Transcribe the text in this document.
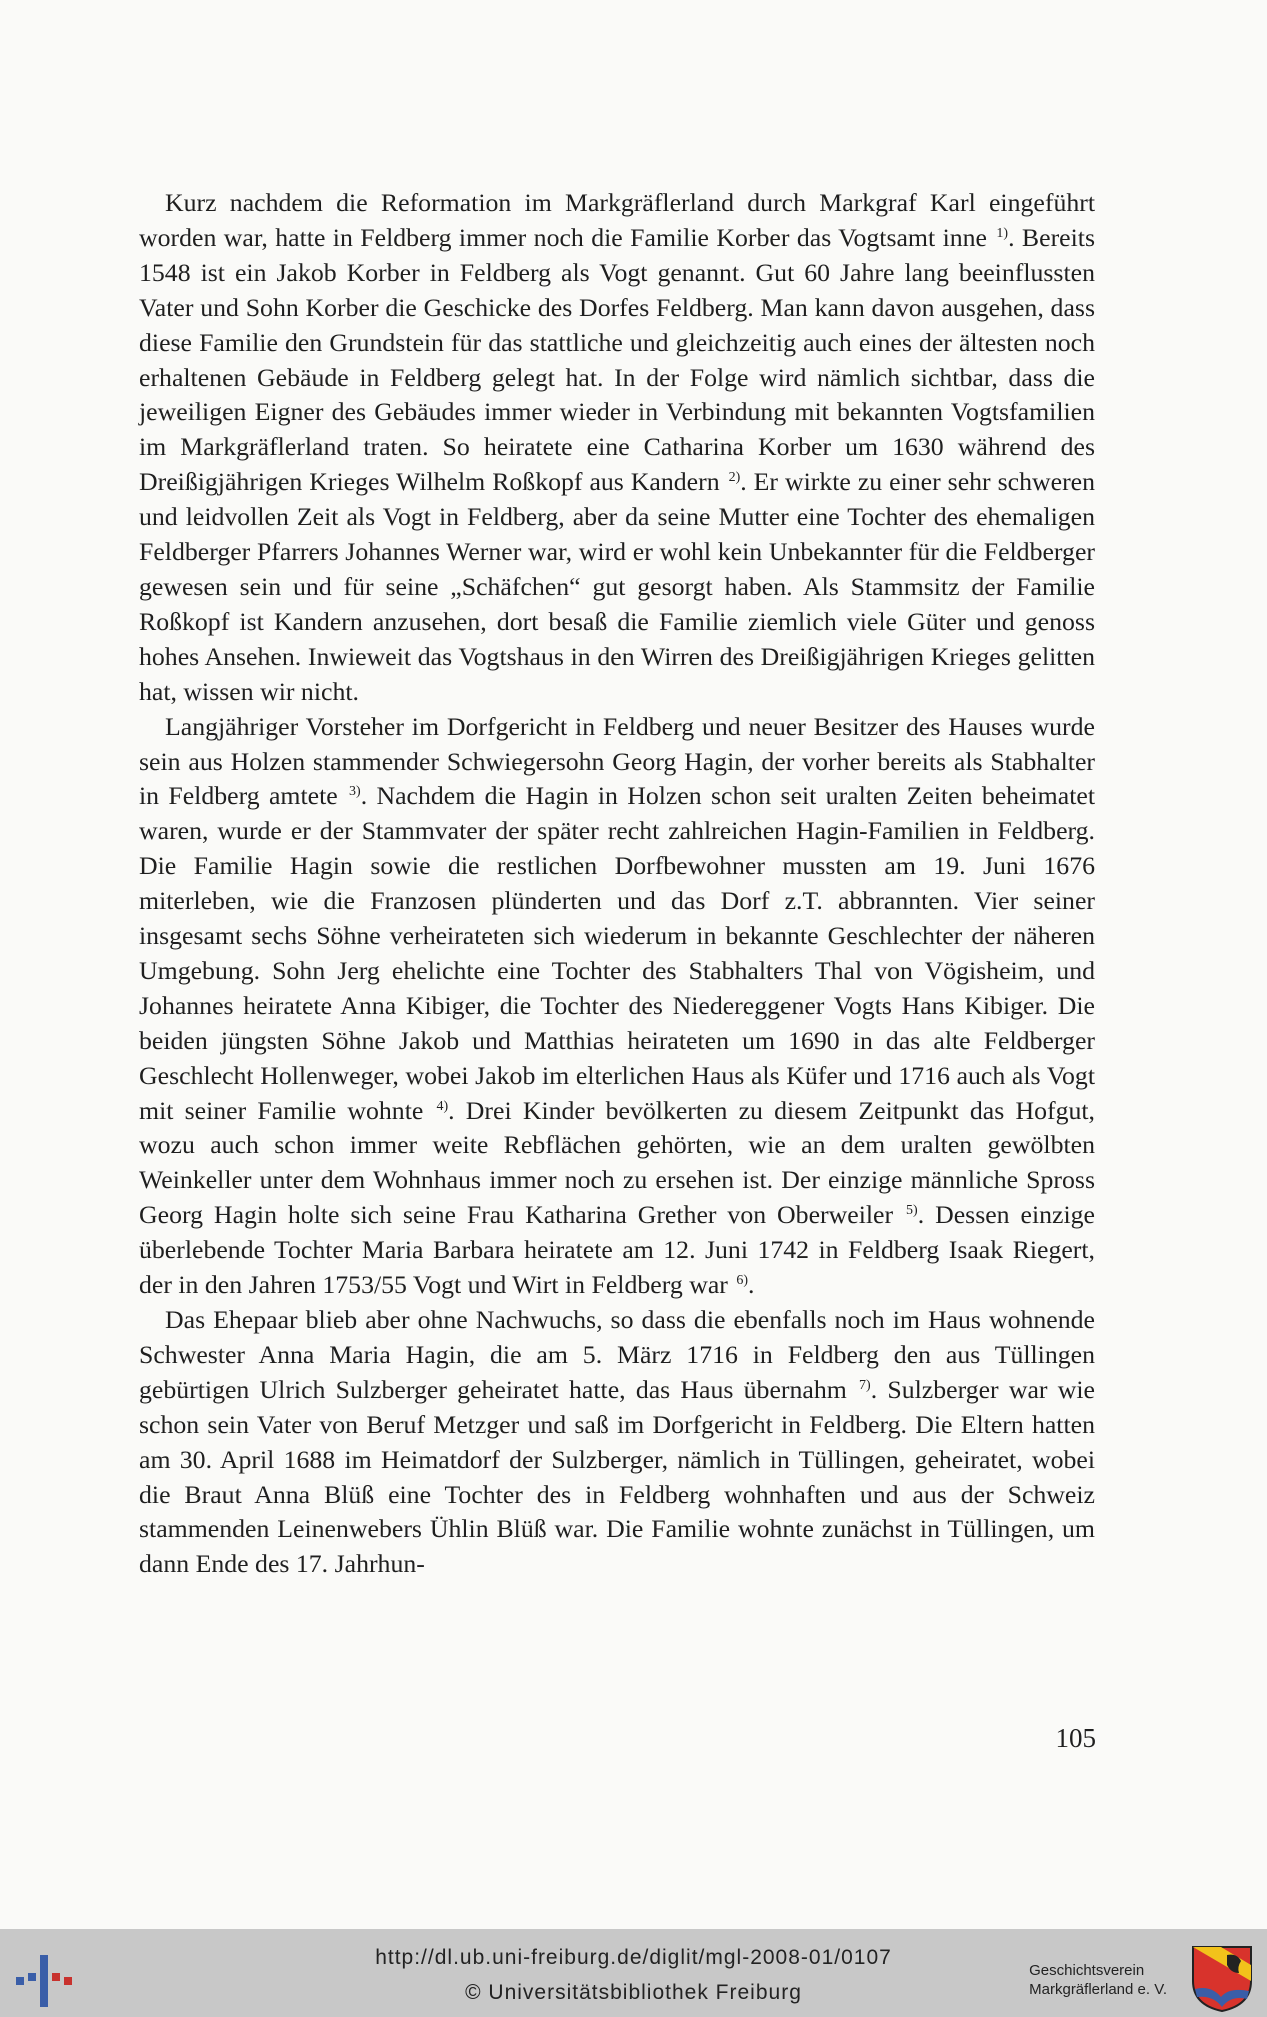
Kurz nachdem die Reformation im Markgräflerland durch Markgraf Karl eingeführt worden war, hatte in Feldberg immer noch die Familie Korber das Vogtsamt inne $^{1)}$. Bereits 1548 ist ein Jakob Korber in Feldberg als Vogt genannt. Gut 60 Jahre lang beeinflussten Vater und Sohn Korber die Geschicke des Dorfes Feldberg. Man kann davon ausgehen, dass diese Familie den Grundstein für das stattliche und gleichzeitig auch eines der ältesten noch erhaltenen Gebäude in Feldberg gelegt hat. In der Folge wird nämlich sichtbar, dass die jeweiligen Eigner des Gebäudes immer wieder in Verbindung mit bekannten Vogtsfamilien im Markgräflerland traten. So heiratete eine Catharina Korber um 1630 während des Dreißigjährigen Krieges Wilhelm Roßkopf aus Kandern $^{2)}$. Er wirkte zu einer sehr schweren und leidvollen Zeit als Vogt in Feldberg, aber da seine Mutter eine Tochter des ehemaligen Feldberger Pfarrers Johannes Werner war, wird er wohl kein Unbekannter für die Feldberger gewesen sein und für seine „Schäfchen“ gut gesorgt haben. Als Stammsitz der Familie Roßkopf ist Kandern anzusehen, dort besaß die Familie ziemlich viele Güter und genoss hohes Ansehen. Inwieweit das Vogtshaus in den Wirren des Dreißigjährigen Krieges gelitten hat, wissen wir nicht.

Langjähriger Vorsteher im Dorfgericht in Feldberg und neuer Besitzer des Hauses wurde sein aus Holzen stammender Schwiegersohn Georg Hagin, der vorher bereits als Stabhalter in Feldberg amtete $^{3)}$. Nachdem die Hagin in Holzen schon seit uralten Zeiten beheimatet waren, wurde er der Stammvater der später recht zahlreichen Hagin-Familien in Feldberg. Die Familie Hagin sowie die restlichen Dorfbewohner mussten am 19. Juni 1676 miterleben, wie die Franzosen plünderten und das Dorf z.T. abbrannten. Vier seiner insgesamt sechs Söhne verheirateten sich wiederum in bekannte Geschlechter der näheren Umgebung. Sohn Jerg ehelichte eine Tochter des Stabhalters Thal von Vögisheim, und Johannes heiratete Anna Kibiger, die Tochter des Niedereggener Vogts Hans Kibiger. Die beiden jüngsten Söhne Jakob und Matthias heirateten um 1690 in das alte Feldberger Geschlecht Hollenweger, wobei Jakob im elterlichen Haus als Küfer und 1716 auch als Vogt mit seiner Familie wohnte $^{4)}$. Drei Kinder bevölkerten zu diesem Zeitpunkt das Hofgut, wozu auch schon immer weite Rebflächen gehörten, wie an dem uralten gewölbten Weinkeller unter dem Wohnhaus immer noch zu ersehen ist. Der einzige männliche Spross Georg Hagin holte sich seine Frau Katharina Grether von Oberweiler $^{5)}$. Dessen einzige überlebende Tochter Maria Barbara heiratete am 12. Juni 1742 in Feldberg Isaak Riegert, der in den Jahren 1753/55 Vogt und Wirt in Feldberg war $^{6)}$.

Das Ehepaar blieb aber ohne Nachwuchs, so dass die ebenfalls noch im Haus wohnende Schwester Anna Maria Hagin, die am 5. März 1716 in Feldberg den aus Tüllingen gebürtigen Ulrich Sulzberger geheiratet hatte, das Haus übernahm $^{7)}$. Sulzberger war wie schon sein Vater von Beruf Metzger und saß im Dorfgericht in Feldberg. Die Eltern hatten am 30. April 1688 im Heimatdorf der Sulzberger, nämlich in Tüllingen, geheiratet, wobei die Braut Anna Blüß eine Tochter des in Feldberg wohnhaften und aus der Schweiz stammenden Leinenwebers Ühlin Blüß war. Die Familie wohnte zunächst in Tüllingen, um dann Ende des 17. Jahrhun-

105
http://dl.ub.uni-freiburg.de/diglit/mgl-2008-01/0107
© Universitätsbibliothek Freiburg
Geschichtsverein
Markgräflerland e. V.
